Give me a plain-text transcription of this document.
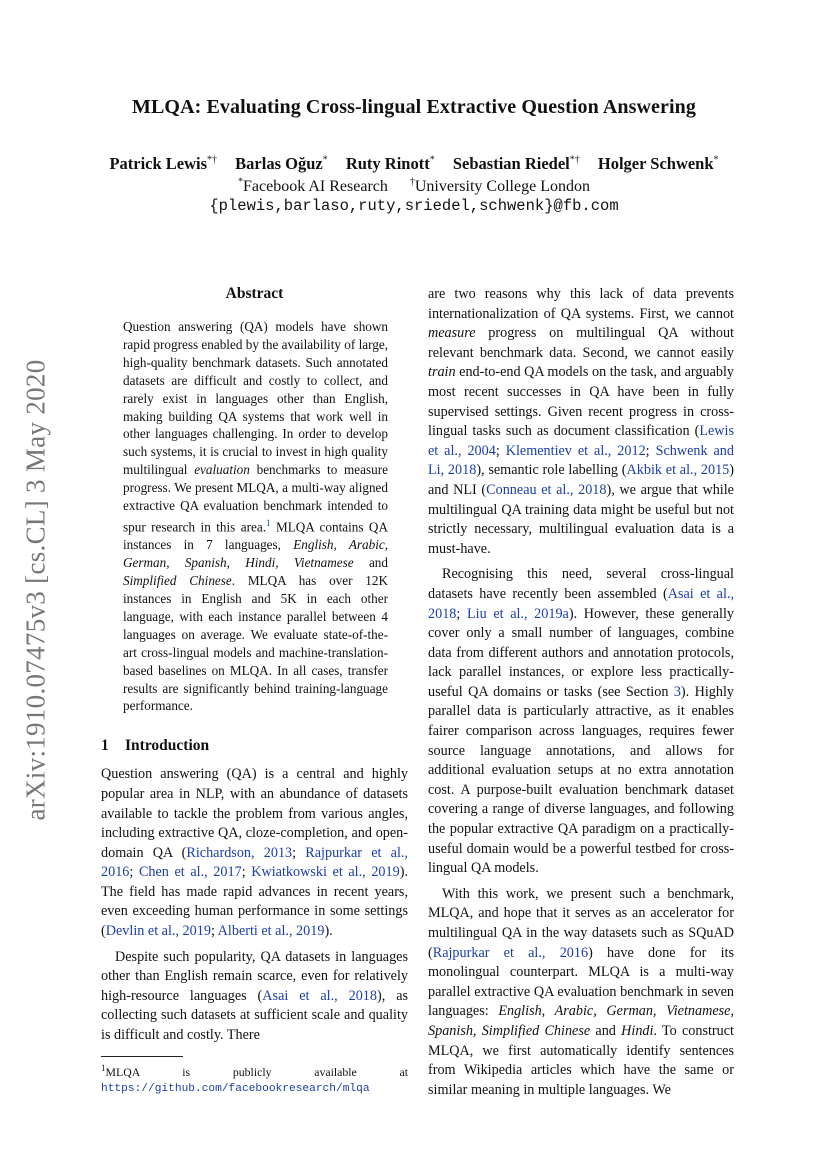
arXiv:1910.07475v3 [cs.CL] 3 May 2020
MLQA: Evaluating Cross-lingual Extractive Question Answering
Patrick Lewis*† Barlas Oğuz* Ruty Rinott* Sebastian Riedel*† Holger Schwenk*
*Facebook AI Research †University College London
{plewis,barlaso,ruty,sriedel,schwenk}@fb.com
Abstract
Question answering (QA) models have shown rapid progress enabled by the availability of large, high-quality benchmark datasets. Such annotated datasets are difficult and costly to collect, and rarely exist in languages other than English, making building QA systems that work well in other languages challenging. In order to develop such systems, it is crucial to invest in high quality multilingual evaluation benchmarks to measure progress. We present MLQA, a multi-way aligned extractive QA evaluation benchmark intended to spur research in this area.$^1$ MLQA contains QA instances in 7 languages, English, Arabic, German, Spanish, Hindi, Vietnamese and Simplified Chinese. MLQA has over 12K instances in English and 5K in each other language, with each instance parallel between 4 languages on average. We evaluate state-of-the-art cross-lingual models and machine-translation-based baselines on MLQA. In all cases, transfer results are significantly behind training-language performance.
1 Introduction

Question answering (QA) is a central and highly popular area in NLP, with an abundance of datasets available to tackle the problem from various angles, including extractive QA, cloze-completion, and open-domain QA (Richardson, 2013; Rajpurkar et al., 2016; Chen et al., 2017; Kwiatkowski et al., 2019). The field has made rapid advances in recent years, even exceeding human performance in some settings (Devlin et al., 2019; Alberti et al., 2019).

Despite such popularity, QA datasets in languages other than English remain scarce, even for relatively high-resource languages (Asai et al., 2018), as collecting such datasets at sufficient scale and quality is difficult and costly. There

$^1$MLQA is publicly available at https://github.com/facebookresearch/mlqa

are two reasons why this lack of data prevents internationalization of QA systems. First, we cannot measure progress on multilingual QA without relevant benchmark data. Second, we cannot easily train end-to-end QA models on the task, and arguably most recent successes in QA have been in fully supervised settings. Given recent progress in cross-lingual tasks such as document classification (Lewis et al., 2004; Klementiev et al., 2012; Schwenk and Li, 2018), semantic role labelling (Akbik et al., 2015) and NLI (Conneau et al., 2018), we argue that while multilingual QA training data might be useful but not strictly necessary, multilingual evaluation data is a must-have.

Recognising this need, several cross-lingual datasets have recently been assembled (Asai et al., 2018; Liu et al., 2019a). However, these generally cover only a small number of languages, combine data from different authors and annotation protocols, lack parallel instances, or explore less practically-useful QA domains or tasks (see Section 3). Highly parallel data is particularly attractive, as it enables fairer comparison across languages, requires fewer source language annotations, and allows for additional evaluation setups at no extra annotation cost. A purpose-built evaluation benchmark dataset covering a range of diverse languages, and following the popular extractive QA paradigm on a practically-useful domain would be a powerful testbed for cross-lingual QA models.

With this work, we present such a benchmark, MLQA, and hope that it serves as an accelerator for multilingual QA in the way datasets such as SQuAD (Rajpurkar et al., 2016) have done for its monolingual counterpart. MLQA is a multi-way parallel extractive QA evaluation benchmark in seven languages: English, Arabic, German, Vietnamese, Spanish, Simplified Chinese and Hindi. To construct MLQA, we first automatically identify sentences from Wikipedia articles which have the same or similar meaning in multiple languages. We
